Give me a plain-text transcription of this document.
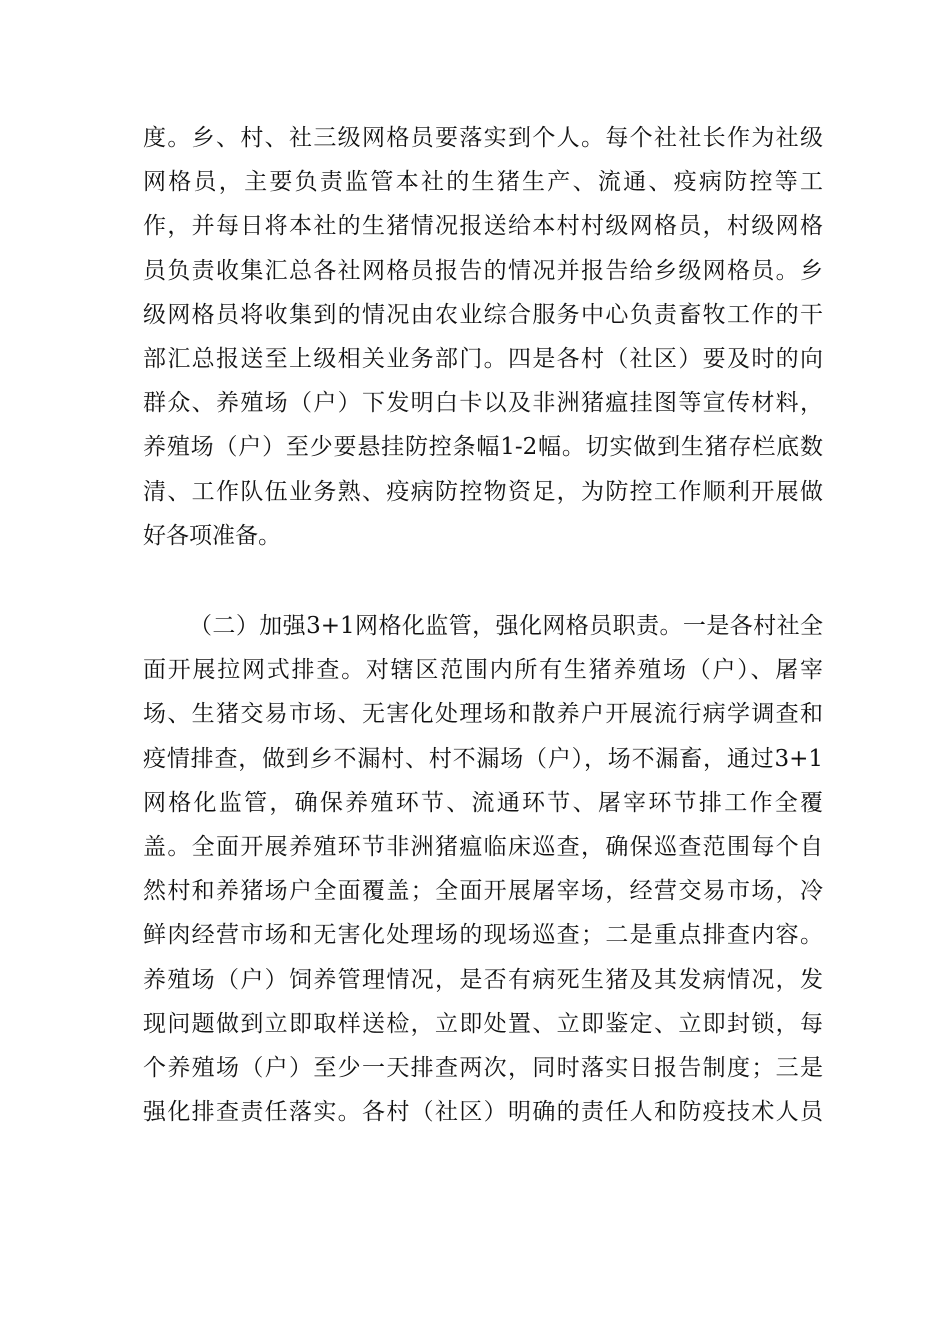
度。乡、村、社三级网格员要落实到个人。每个社社长作为社级
网格员，主要负责监管本社的生猪生产、流通、疫病防控等工
作，并每日将本社的生猪情况报送给本村村级网格员，村级网格
员负责收集汇总各社网格员报告的情况并报告给乡级网格员。乡
级网格员将收集到的情况由农业综合服务中心负责畜牧工作的干
部汇总报送至上级相关业务部门。四是各村（社区）要及时的向
群众、养殖场（户）下发明白卡以及非洲猪瘟挂图等宣传材料，
养殖场（户）至少要悬挂防控条幅1-2幅。切实做到生猪存栏底数
清、工作队伍业务熟、疫病防控物资足，为防控工作顺利开展做
好各项准备。
（二）加强3+1网格化监管，强化网格员职责。一是各村社全
面开展拉网式排查。对辖区范围内所有生猪养殖场（户）、屠宰
场、生猪交易市场、无害化处理场和散养户开展流行病学调查和
疫情排查，做到乡不漏村、村不漏场（户），场不漏畜，通过3+1
网格化监管，确保养殖环节、流通环节、屠宰环节排工作全覆
盖。全面开展养殖环节非洲猪瘟临床巡查，确保巡查范围每个自
然村和养猪场户全面覆盖；全面开展屠宰场，经营交易市场，冷
鲜肉经营市场和无害化处理场的现场巡查；二是重点排查内容。
养殖场（户）饲养管理情况，是否有病死生猪及其发病情况，发
现问题做到立即取样送检，立即处置、立即鉴定、立即封锁，每
个养殖场（户）至少一天排查两次，同时落实日报告制度；三是
强化排查责任落实。各村（社区）明确的责任人和防疫技术人员
